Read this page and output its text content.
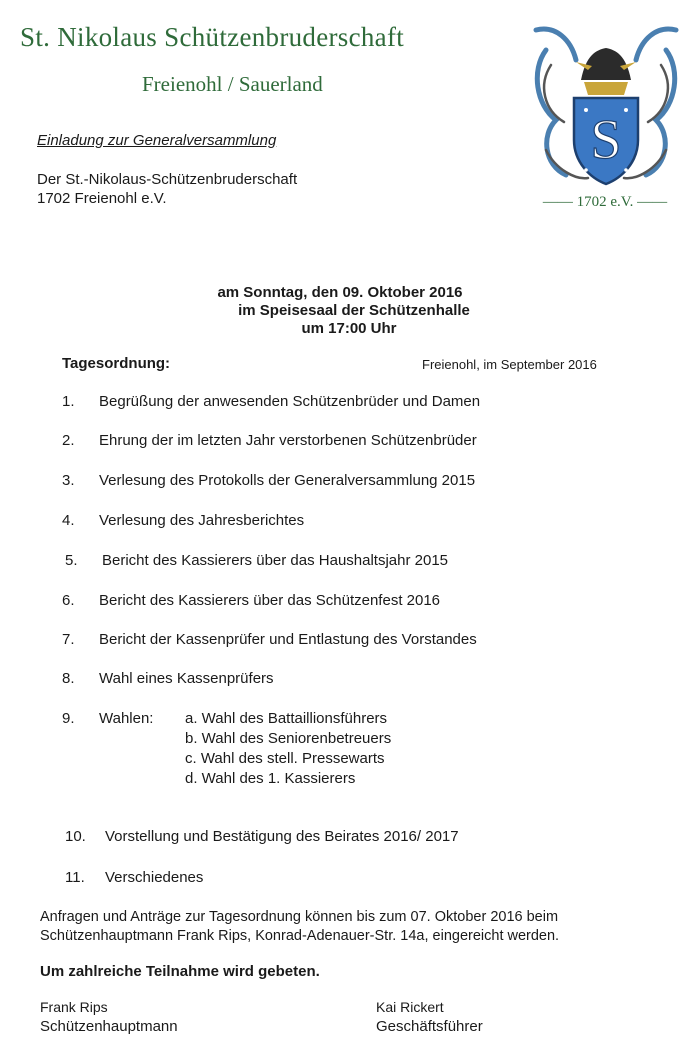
St. Nikolaus Schützenbruderschaft
Freienohl / Sauerland
S
—— 1702 e.V. ——
Einladung zur Generalversammlung
Der St.-Nikolaus-Schützenbruderschaft
1702 Freienohl e.V.
am Sonntag, den 09. Oktober 2016
im Speisesaal der Schützenhalle
um 17:00 Uhr
Tagesordnung:	Freienohl, im September 2016
1. Begrüßung der anwesenden Schützenbrüder und Damen
2. Ehrung der im letzten Jahr verstorbenen Schützenbrüder
3. Verlesung des Protokolls der Generalversammlung 2015
4. Verlesung des Jahresberichtes
5. Bericht des Kassierers über das Haushaltsjahr 2015
6. Bericht des Kassierers über das Schützenfest 2016
7. Bericht der Kassenprüfer und Entlastung des Vorstandes
8. Wahl eines Kassenprüfers
9. Wahlen: a. Wahl des Battaillionsführers
b. Wahl des Seniorenbetreuers
c. Wahl des stell. Pressewarts
d. Wahl des 1. Kassierers
10. Vorstellung und Bestätigung des Beirates 2016/ 2017
11. Verschiedenes
Anfragen und Anträge zur Tagesordnung können bis zum 07. Oktober 2016 beim
Schützenhauptmann Frank Rips, Konrad-Adenauer-Str. 14a, eingereicht werden.
Um zahlreiche Teilnahme wird gebeten.
Frank Rips
Schützenhauptmann
Kai Rickert
Geschäftsführer
